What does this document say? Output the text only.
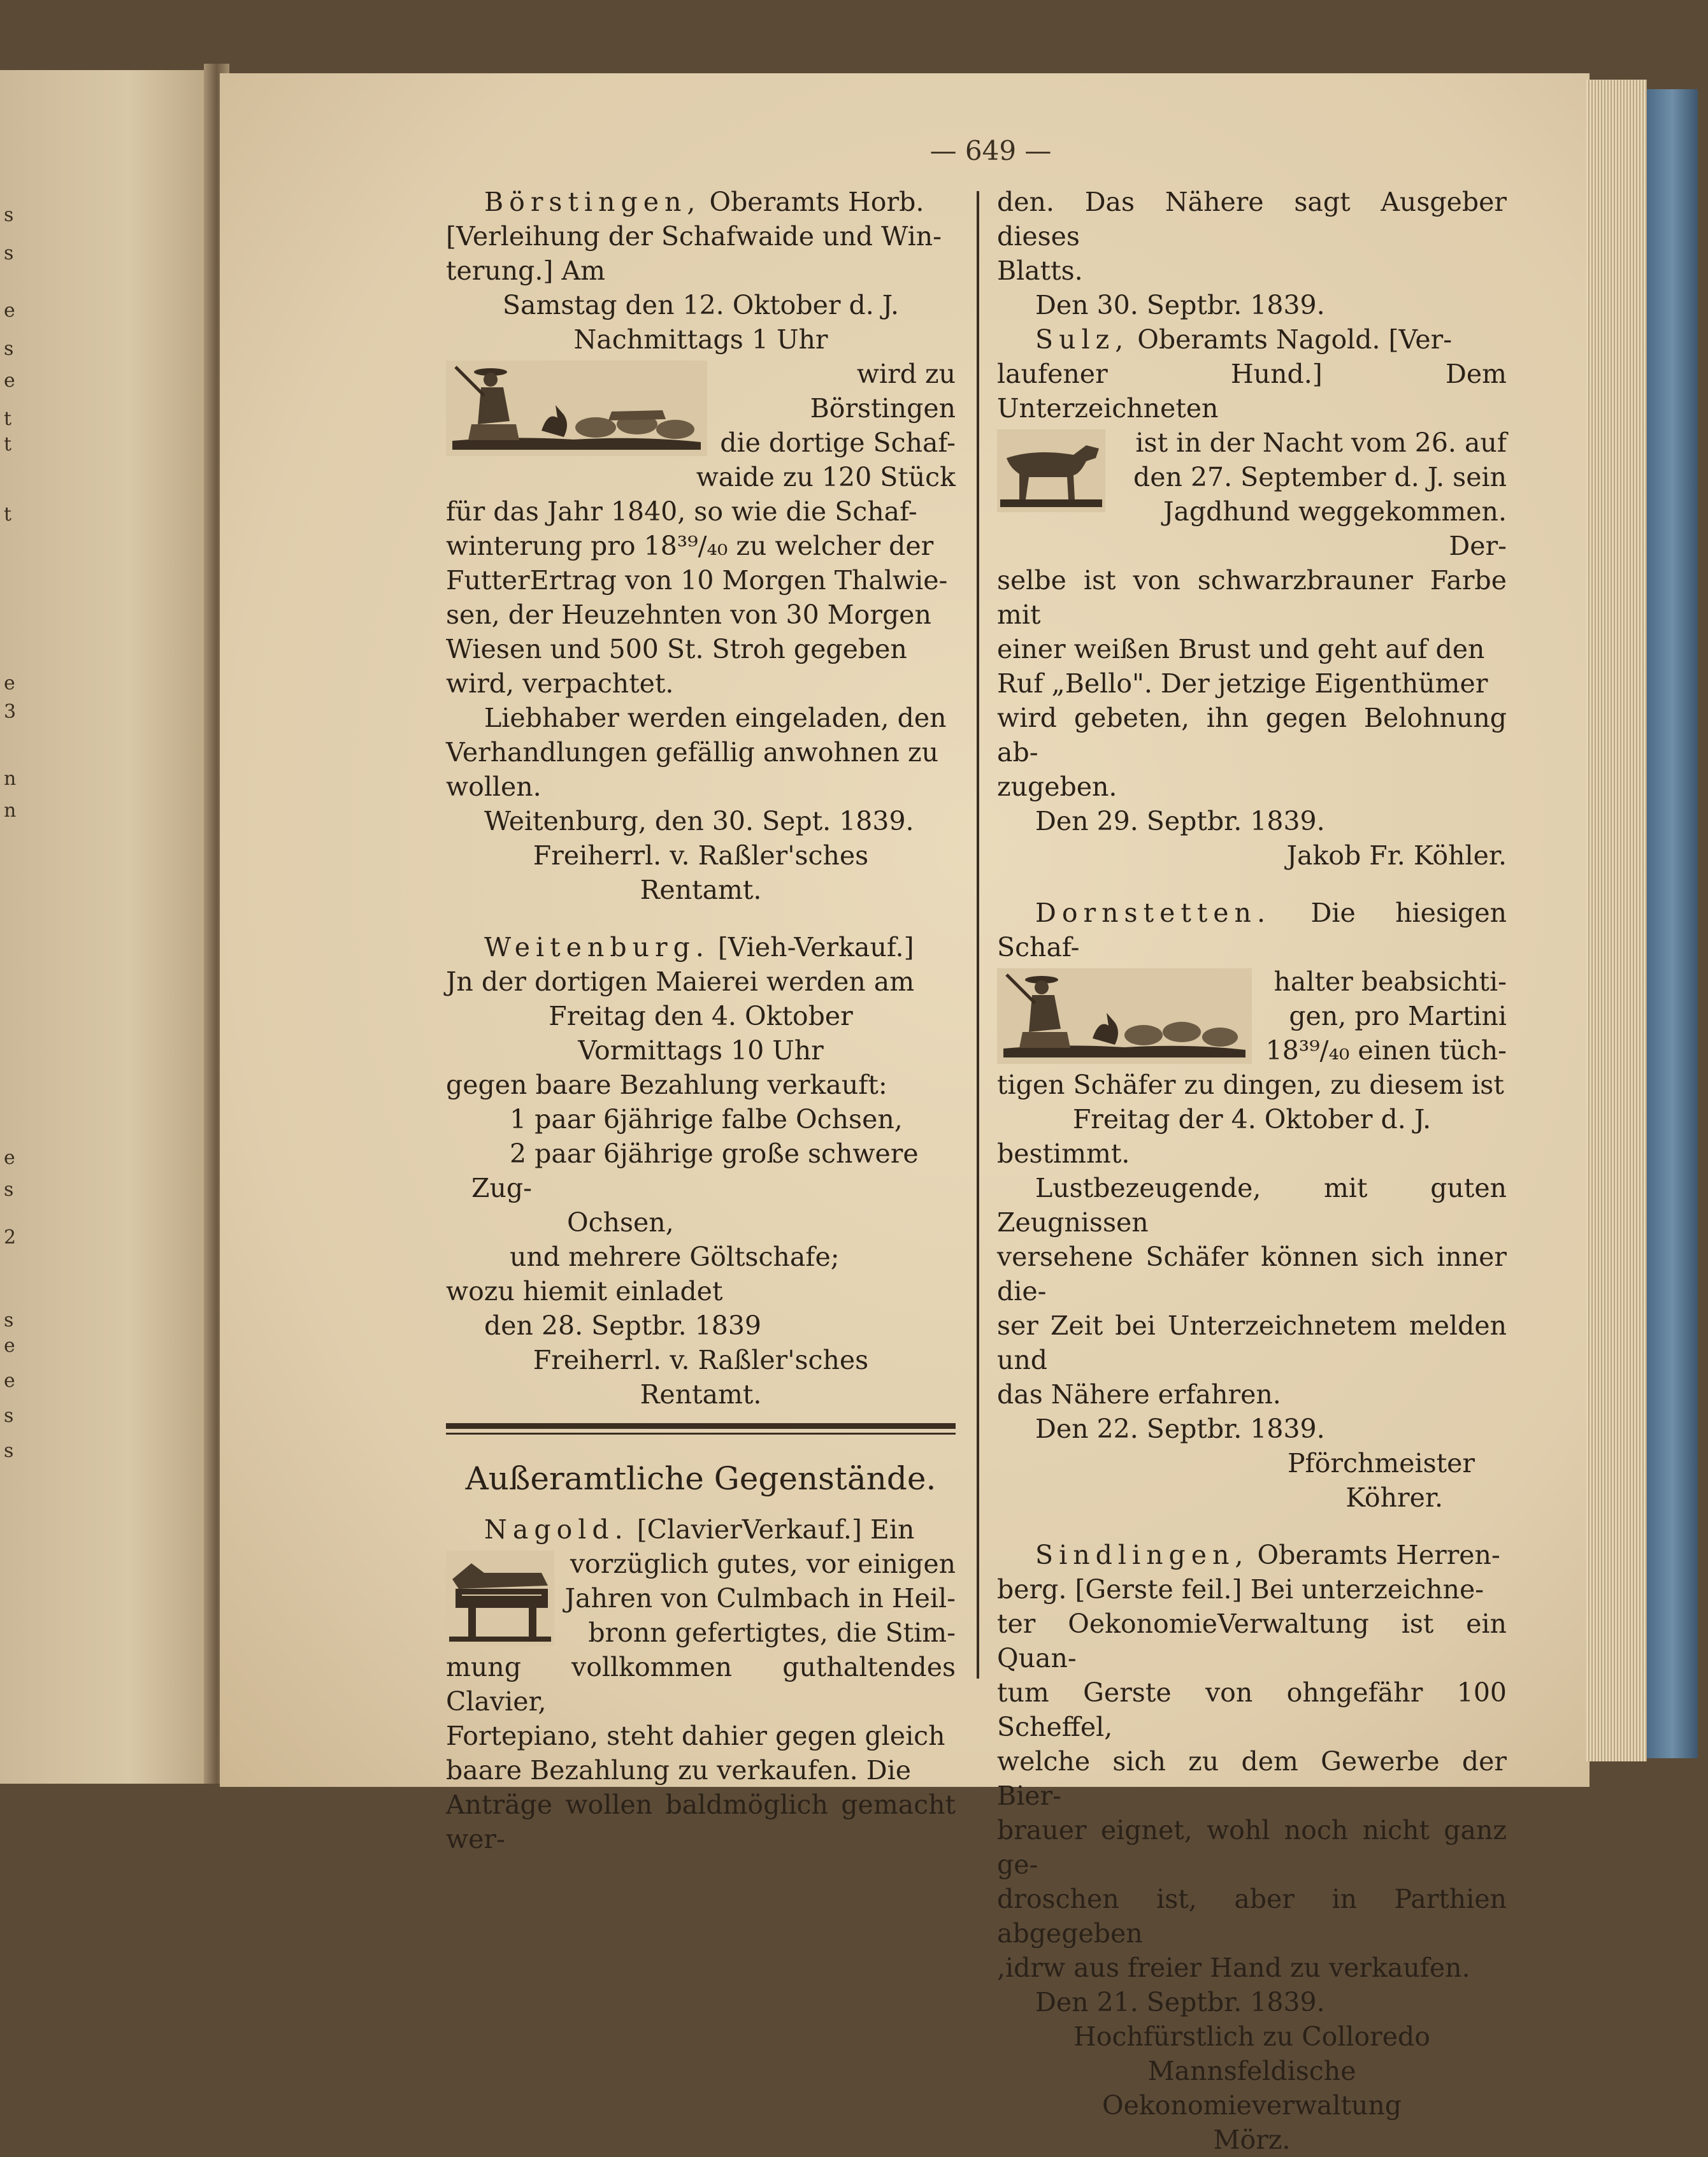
s
s
e
s
e
t
t
t
e
3
n
n
e
s
2
s
e
e
s
s
— 649 —

Börstingen, Oberamts Horb.

[Verleihung der Schafwaide und Win-

terung.] Am

Samstag den 12. Oktober d. J.

Nachmittags 1 Uhr

wird zu Börstingen

die dortige Schaf-

waide zu 120 Stück

für das Jahr 1840, so wie die Schaf-

winterung pro 18³⁹/₄₀ zu welcher der

FutterErtrag von 10 Morgen Thalwie-

sen, der Heuzehnten von 30 Morgen

Wiesen und 500 St. Stroh gegeben

wird, verpachtet.

Liebhaber werden eingeladen, den

Verhandlungen gefällig anwohnen zu

wollen.

Weitenburg, den 30. Sept. 1839.

Freiherrl. v. Raßler'sches

Rentamt.

Weitenburg. [Vieh-Verkauf.]

Jn der dortigen Maierei werden am

Freitag den 4. Oktober

Vormittags 10 Uhr

gegen baare Bezahlung verkauft:

1 paar 6jährige falbe Ochsen,

2 paar 6jährige große schwere Zug-

Ochsen,

und mehrere Göltschafe;

wozu hiemit einladet

den 28. Septbr. 1839

Freiherrl. v. Raßler'sches

Rentamt.

Außeramtliche Gegenstände.

Nagold. [ClavierVerkauf.] Ein

vorzüglich gutes, vor einigen

Jahren von Culmbach in Heil-

bronn gefertigtes, die Stim-

mung vollkommen guthaltendes Clavier,

Fortepiano, steht dahier gegen gleich

baare Bezahlung zu verkaufen. Die

Anträge wollen baldmöglich gemacht wer-

den. Das Nähere sagt Ausgeber dieses

Blatts.

Den 30. Septbr. 1839.

Sulz, Oberamts Nagold. [Ver-

laufener Hund.] Dem Unterzeichneten

ist in der Nacht vom 26. auf

den 27. September d. J. sein

Jagdhund weggekommen. Der-

selbe ist von schwarzbrauner Farbe mit

einer weißen Brust und geht auf den

Ruf „Bello". Der jetzige Eigenthümer

wird gebeten, ihn gegen Belohnung ab-

zugeben.

Den 29. Septbr. 1839.

Jakob Fr. Köhler.

Dornstetten. Die hiesigen Schaf-

halter beabsichti-

gen, pro Martini

18³⁹/₄₀ einen tüch-

tigen Schäfer zu dingen, zu diesem ist

Freitag der 4. Oktober d. J.

bestimmt.

Lustbezeugende, mit guten Zeugnissen

versehene Schäfer können sich inner die-

ser Zeit bei Unterzeichnetem melden und

das Nähere erfahren.

Den 22. Septbr. 1839.

Pförchmeister

Köhrer.

Sindlingen, Oberamts Herren-

berg. [Gerste feil.] Bei unterzeichne-

ter OekonomieVerwaltung ist ein Quan-

tum Gerste von ohngefähr 100 Scheffel,

welche sich zu dem Gewerbe der Bier-

brauer eignet, wohl noch nicht ganz ge-

droschen ist, aber in Parthien abgegeben

,idrw aus freier Hand zu verkaufen.

Den 21. Septbr. 1839.

Hochfürstlich zu Colloredo

Mannsfeldische

Oekonomieverwaltung

Mörz.
